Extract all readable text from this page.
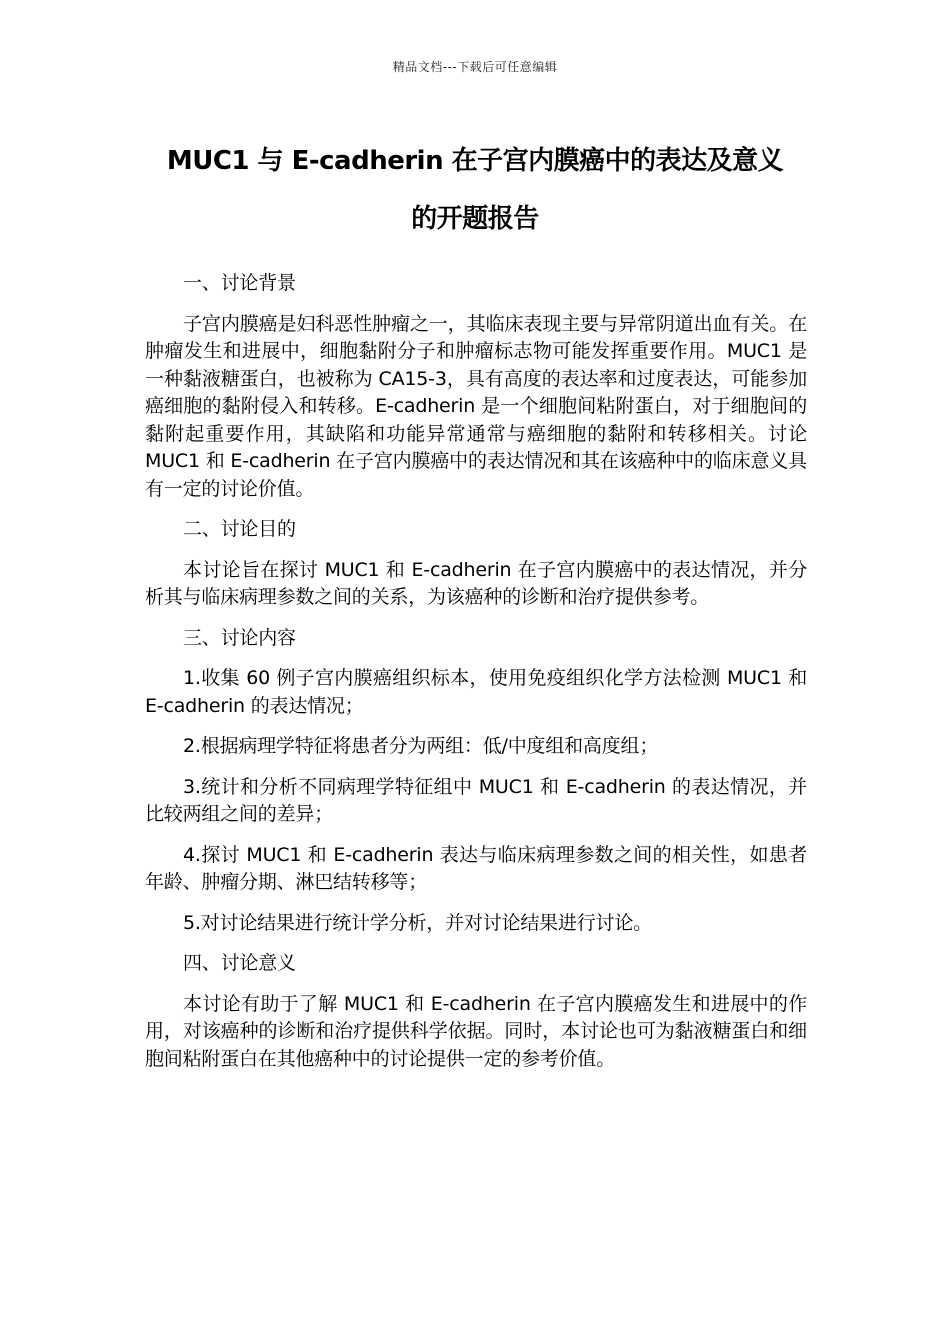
精品文档---下载后可任意编辑
MUC1 与 E-cadherin 在子宫内膜癌中的表达及意义
的开题报告

一、讨论背景

子宫内膜癌是妇科恶性肿瘤之一，其临床表现主要与异常阴道出血有关。在肿瘤发生和进展中，细胞黏附分子和肿瘤标志物可能发挥重要作用。MUC1 是一种黏液糖蛋白，也被称为 CA15-3，具有高度的表达率和过度表达，可能参加癌细胞的黏附侵入和转移。E-cadherin 是一个细胞间粘附蛋白，对于细胞间的黏附起重要作用，其缺陷和功能异常通常与癌细胞的黏附和转移相关。讨论 MUC1 和 E-cadherin 在子宫内膜癌中的表达情况和其在该癌种中的临床意义具有一定的讨论价值。

二、讨论目的

本讨论旨在探讨 MUC1 和 E-cadherin 在子宫内膜癌中的表达情况，并分析其与临床病理参数之间的关系，为该癌种的诊断和治疗提供参考。

三、讨论内容

1.收集 60 例子宫内膜癌组织标本，使用免疫组织化学方法检测 MUC1 和 E-cadherin 的表达情况；

2.根据病理学特征将患者分为两组：低/中度组和高度组；

3.统计和分析不同病理学特征组中 MUC1 和 E-cadherin 的表达情况，并比较两组之间的差异；

4.探讨 MUC1 和 E-cadherin 表达与临床病理参数之间的相关性，如患者年龄、肿瘤分期、淋巴结转移等；

5.对讨论结果进行统计学分析，并对讨论结果进行讨论。

四、讨论意义

本讨论有助于了解 MUC1 和 E-cadherin 在子宫内膜癌发生和进展中的作用，对该癌种的诊断和治疗提供科学依据。同时，本讨论也可为黏液糖蛋白和细胞间粘附蛋白在其他癌种中的讨论提供一定的参考价值。
